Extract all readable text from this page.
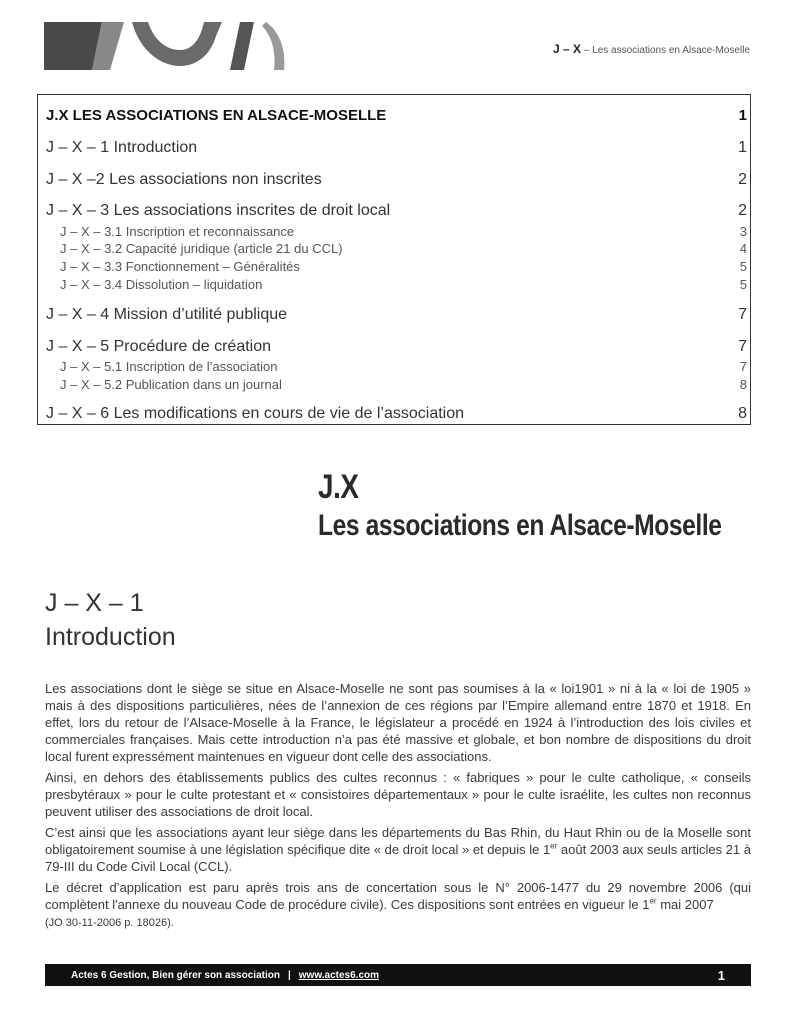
J – X – Les associations en Alsace-Moselle
J.X LES ASSOCIATIONS EN ALSACE-MOSELLE	1
J – X – 1 Introduction	1
J – X –2 Les associations non inscrites	2
J – X – 3 Les associations inscrites de droit local	2
J – X – 3.1 Inscription et reconnaissance	3
J – X – 3.2 Capacité juridique (article 21 du CCL)	4
J – X – 3.3 Fonctionnement – Généralités	5
J – X – 3.4 Dissolution – liquidation	5
J – X – 4 Mission d’utilité publique	7
J – X – 5 Procédure de création	7
J – X – 5.1 Inscription de l’association	7
J – X – 5.2 Publication dans un journal	8
J – X – 6 Les modifications en cours de vie de l’association	8
J.X
Les associations en Alsace-Moselle
J – X – 1
Introduction

Les associations dont le siège se situe en Alsace-Moselle ne sont pas soumises à la « loi1901 » ni à la « loi de 1905 » mais à des dispositions particulières, nées de l’annexion de ces régions par l’Empire allemand entre 1870 et 1918. En effet, lors du retour de l’Alsace-Moselle à la France, le législateur a procédé en 1924 à l’introduction des lois civiles et commerciales françaises. Mais cette introduction n’a pas été massive et globale, et bon nombre de dispositions du droit local furent expressément maintenues en vigueur dont celle des associations.

Ainsi, en dehors des établissements publics des cultes reconnus : « fabriques » pour le culte catholique, « conseils presbytéraux » pour le culte protestant et « consistoires départementaux » pour le culte israélite, les cultes non reconnus peuvent utiliser des associations de droit local.

C’est ainsi que les associations ayant leur siège dans les départements du Bas Rhin, du Haut Rhin ou de la Moselle sont obligatoirement soumise à une législation spécifique dite « de droit local » et depuis le 1er août 2003 aux seuls articles 21 à 79-III du Code Civil Local (CCL).

Le décret d’application est paru après trois ans de concertation sous le N° 2006-1477 du 29 novembre 2006 (qui complètent l'annexe du nouveau Code de procédure civile). Ces dispositions sont entrées en vigueur le 1er mai 2007
(JO 30-11-2006 p. 18026).

Actes 6 Gestion, Bien gérer son association | www.actes6.com	1
